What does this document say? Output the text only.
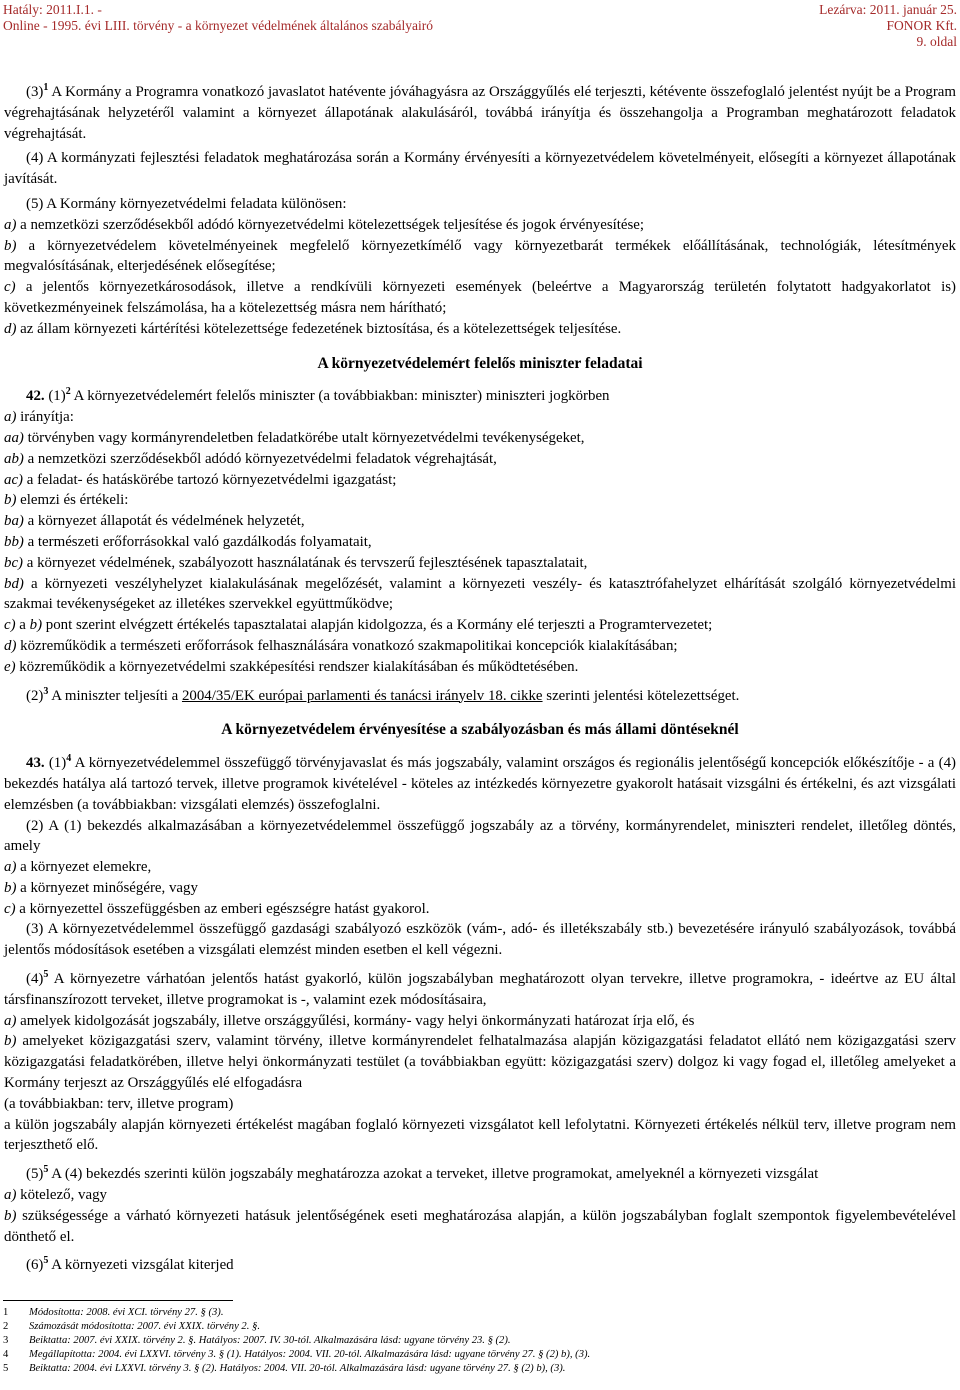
Hatály: 2011.I.1. -
Online - 1995. évi LIII. törvény - a környezet védelmének általános szabályairó
Lezárva: 2011. január 25.
FONOR Kft.
9. oldal

$(3)^1$ A Kormány a Programra vonatkozó javaslatot hatévente jóváhagyásra az Országgyűlés elé terjeszti, kétévente összefoglaló jelentést nyújt be a Program végrehajtásának helyzetéről valamint a környezet állapotának alakulásáról, továbbá irányítja és összehangolja a Programban meghatározott feladatok végrehajtását.

(4) A kormányzati fejlesztési feladatok meghatározása során a Kormány érvényesíti a környezetvédelem követelményeit, elősegíti a környezet állapotának javítását.

(5) A Kormány környezetvédelmi feladata különösen:

a) a nemzetközi szerződésekből adódó környezetvédelmi kötelezettségek teljesítése és jogok érvényesítése;

b) a környezetvédelem követelményeinek megfelelő környezetkímélő vagy környezetbarát termékek előállításának, technológiák, létesítmények megvalósításának, elterjedésének elősegítése;

c) a jelentős környezetkárosodások, illetve a rendkívüli környezeti események (beleértve a Magyarország területén folytatott hadgyakorlatot is) következményeinek felszámolása, ha a kötelezettség másra nem hárítható;

d) az állam környezeti kártérítési kötelezettsége fedezetének biztosítása, és a kötelezettségek teljesítése.

A környezetvédelemért felelős miniszter feladatai

42. $(1)^2$ A környezetvédelemért felelős miniszter (a továbbiakban: miniszter) miniszteri jogkörben

a) irányítja:

aa) törvényben vagy kormányrendeletben feladatkörébe utalt környezetvédelmi tevékenységeket,

ab) a nemzetközi szerződésekből adódó környezetvédelmi feladatok végrehajtását,

ac) a feladat- és hatáskörébe tartozó környezetvédelmi igazgatást;

b) elemzi és értékeli:

ba) a környezet állapotát és védelmének helyzetét,

bb) a természeti erőforrásokkal való gazdálkodás folyamatait,

bc) a környezet védelmének, szabályozott használatának és tervszerű fejlesztésének tapasztalatait,

bd) a környezeti veszélyhelyzet kialakulásának megelőzését, valamint a környezeti veszély- és katasztrófahelyzet elhárítását szolgáló környezetvédelmi szakmai tevékenységeket az illetékes szervekkel együttműködve;

c) a b) pont szerint elvégzett értékelés tapasztalatai alapján kidolgozza, és a Kormány elé terjeszti a Programtervezetet;

d) közreműködik a természeti erőforrások felhasználására vonatkozó szakmapolitikai koncepciók kialakításában;

e) közreműködik a környezetvédelmi szakképesítési rendszer kialakításában és működtetésében.

$(2)^3$ A miniszter teljesíti a 2004/35/EK európai parlamenti és tanácsi irányelv 18. cikke szerinti jelentési kötelezettséget.

A környezetvédelem érvényesítése a szabályozásban és más állami döntéseknél

43. $(1)^4$ A környezetvédelemmel összefüggő törvényjavaslat és más jogszabály, valamint országos és regionális jelentőségű koncepciók előkészítője - a (4) bekezdés hatálya alá tartozó tervek, illetve programok kivételével - köteles az intézkedés környezetre gyakorolt hatásait vizsgálni és értékelni, és azt vizsgálati elemzésben (a továbbiakban: vizsgálati elemzés) összefoglalni.

(2) A (1) bekezdés alkalmazásában a környezetvédelemmel összefüggő jogszabály az a törvény, kormányrendelet, miniszteri rendelet, illetőleg döntés, amely

a) a környezet elemekre,

b) a környezet minőségére, vagy

c) a környezettel összefüggésben az emberi egészségre hatást gyakorol.

(3) A környezetvédelemmel összefüggő gazdasági szabályozó eszközök (vám-, adó- és illetékszabály stb.) bevezetésére irányuló szabályozások, továbbá jelentős módosítások esetében a vizsgálati elemzést minden esetben el kell végezni.

$(4)^5$ A környezetre várhatóan jelentős hatást gyakorló, külön jogszabályban meghatározott olyan tervekre, illetve programokra, - ideértve az EU által társfinanszírozott terveket, illetve programokat is -, valamint ezek módosításaira,

a) amelyek kidolgozását jogszabály, illetve országgyűlési, kormány- vagy helyi önkormányzati határozat írja elő, és

b) amelyeket közigazgatási szerv, valamint törvény, illetve kormányrendelet felhatalmazása alapján közigazgatási feladatot ellátó nem közigazgatási szerv közigazgatási feladatkörében, illetve helyi önkormányzati testület (a továbbiakban együtt: közigazgatási szerv) dolgoz ki vagy fogad el, illetőleg amelyeket a Kormány terjeszt az Országgyűlés elé elfogadásra

(a továbbiakban: terv, illetve program)

a külön jogszabály alapján környezeti értékelést magában foglaló környezeti vizsgálatot kell lefolytatni. Környezeti értékelés nélkül terv, illetve program nem terjeszthető elő.

$(5)^5$ A (4) bekezdés szerinti külön jogszabály meghatározza azokat a terveket, illetve programokat, amelyeknél a környezeti vizsgálat

a) kötelező, vagy

b) szükségessége a várható környezeti hatásuk jelentőségének eseti meghatározása alapján, a külön jogszabályban foglalt szempontok figyelembevételével dönthető el.

$(6)^5$ A környezeti vizsgálat kiterjed

1 Módosította: 2008. évi XCI. törvény 27. § (3).
2 Számozását módosította: 2007. évi XXIX. törvény 2. §.
3 Beiktatta: 2007. évi XXIX. törvény 2. §. Hatályos: 2007. IV. 30-tól. Alkalmazására lásd: ugyane törvény 23. § (2).
4 Megállapította: 2004. évi LXXVI. törvény 3. § (1). Hatályos: 2004. VII. 20-tól. Alkalmazására lásd: ugyane törvény 27. § (2) b), (3).
5 Beiktatta: 2004. évi LXXVI. törvény 3. § (2). Hatályos: 2004. VII. 20-tól. Alkalmazására lásd: ugyane törvény 27. § (2) b), (3).
